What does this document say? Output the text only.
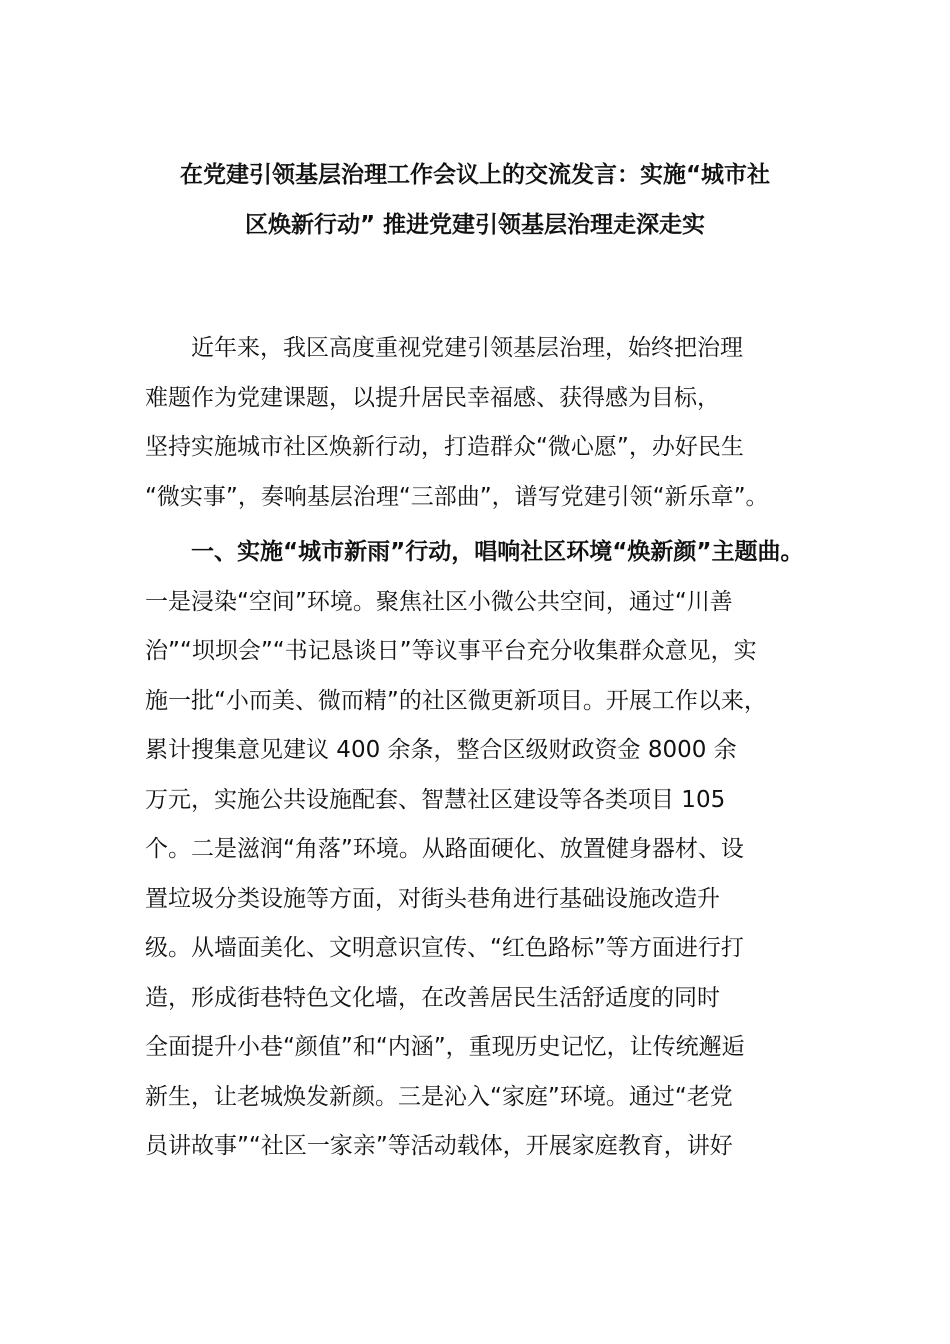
在党建引领基层治理工作会议上的交流发言：实施“城市社
区焕新行动” 推进党建引领基层治理走深走实
　　近年来，我区高度重视党建引领基层治理，始终把治理
难题作为党建课题，以提升居民幸福感、获得感为目标，
坚持实施城市社区焕新行动，打造群众“微心愿”，办好民生
“微实事”，奏响基层治理“三部曲”，谱写党建引领“新乐章”。
　　一、实施“城市新雨”行动，唱响社区环境“焕新颜”主题曲。
一是浸染“空间”环境。聚焦社区小微公共空间，通过“川善
治”“坝坝会”“书记恳谈日”等议事平台充分收集群众意见，实
施一批“小而美、微而精”的社区微更新项目。开展工作以来，
累计搜集意见建议 400 余条，整合区级财政资金 8000 余
万元，实施公共设施配套、智慧社区建设等各类项目 105
个。二是滋润“角落”环境。从路面硬化、放置健身器材、设
置垃圾分类设施等方面，对街头巷角进行基础设施改造升
级。从墙面美化、文明意识宣传、“红色路标”等方面进行打
造，形成街巷特色文化墙，在改善居民生活舒适度的同时
全面提升小巷“颜值”和“内涵”，重现历史记忆，让传统邂逅
新生，让老城焕发新颜。三是沁入“家庭”环境。通过“老党
员讲故事”“社区一家亲”等活动载体，开展家庭教育，讲好
